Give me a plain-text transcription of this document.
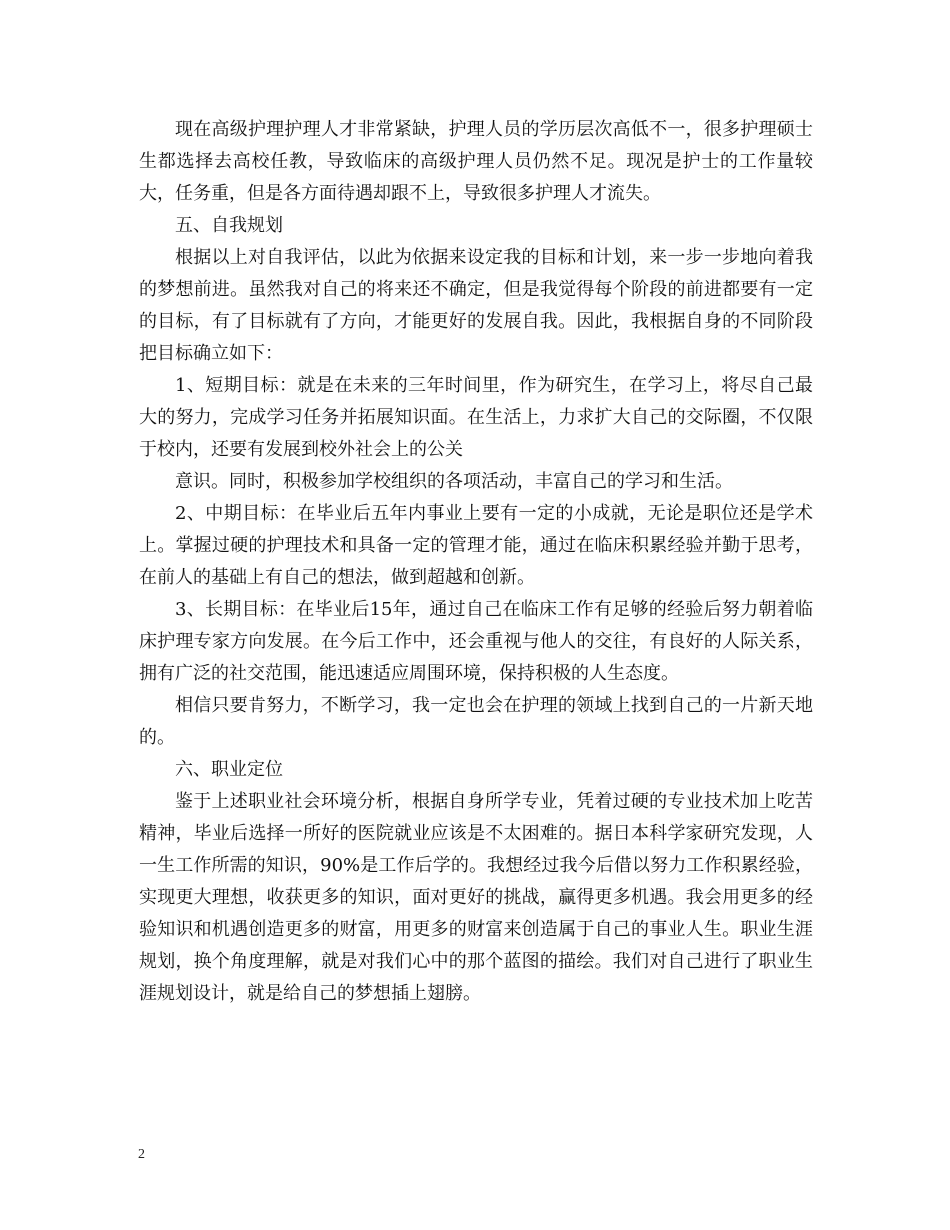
现在高级护理护理人才非常紧缺，护理人员的学历层次高低不一，很多护理硕士生都选择去高校任教，导致临床的高级护理人员仍然不足。现况是护士的工作量较大，任务重，但是各方面待遇却跟不上，导致很多护理人才流失。

五、自我规划

根据以上对自我评估，以此为依据来设定我的目标和计划，来一步一步地向着我的梦想前进。虽然我对自己的将来还不确定，但是我觉得每个阶段的前进都要有一定的目标，有了目标就有了方向，才能更好的发展自我。因此，我根据自身的不同阶段把目标确立如下：

1、短期目标：就是在未来的三年时间里，作为研究生，在学习上，将尽自己最大的努力，完成学习任务并拓展知识面。在生活上，力求扩大自己的交际圈，不仅限于校内，还要有发展到校外社会上的公关

意识。同时，积极参加学校组织的各项活动，丰富自己的学习和生活。

2、中期目标：在毕业后五年内事业上要有一定的小成就，无论是职位还是学术上。掌握过硬的护理技术和具备一定的管理才能，通过在临床积累经验并勤于思考，在前人的基础上有自己的想法，做到超越和创新。

3、长期目标：在毕业后15年，通过自己在临床工作有足够的经验后努力朝着临床护理专家方向发展。在今后工作中，还会重视与他人的交往，有良好的人际关系，拥有广泛的社交范围，能迅速适应周围环境，保持积极的人生态度。

相信只要肯努力，不断学习，我一定也会在护理的领域上找到自己的一片新天地的。

六、职业定位

鉴于上述职业社会环境分析，根据自身所学专业，凭着过硬的专业技术加上吃苦精神，毕业后选择一所好的医院就业应该是不太困难的。据日本科学家研究发现，人一生工作所需的知识，90%是工作后学的。我想经过我今后借以努力工作积累经验，实现更大理想，收获更多的知识，面对更好的挑战，赢得更多机遇。我会用更多的经验知识和机遇创造更多的财富，用更多的财富来创造属于自己的事业人生。职业生涯规划，换个角度理解，就是对我们心中的那个蓝图的描绘。我们对自己进行了职业生涯规划设计，就是给自己的梦想插上翅膀。

2
